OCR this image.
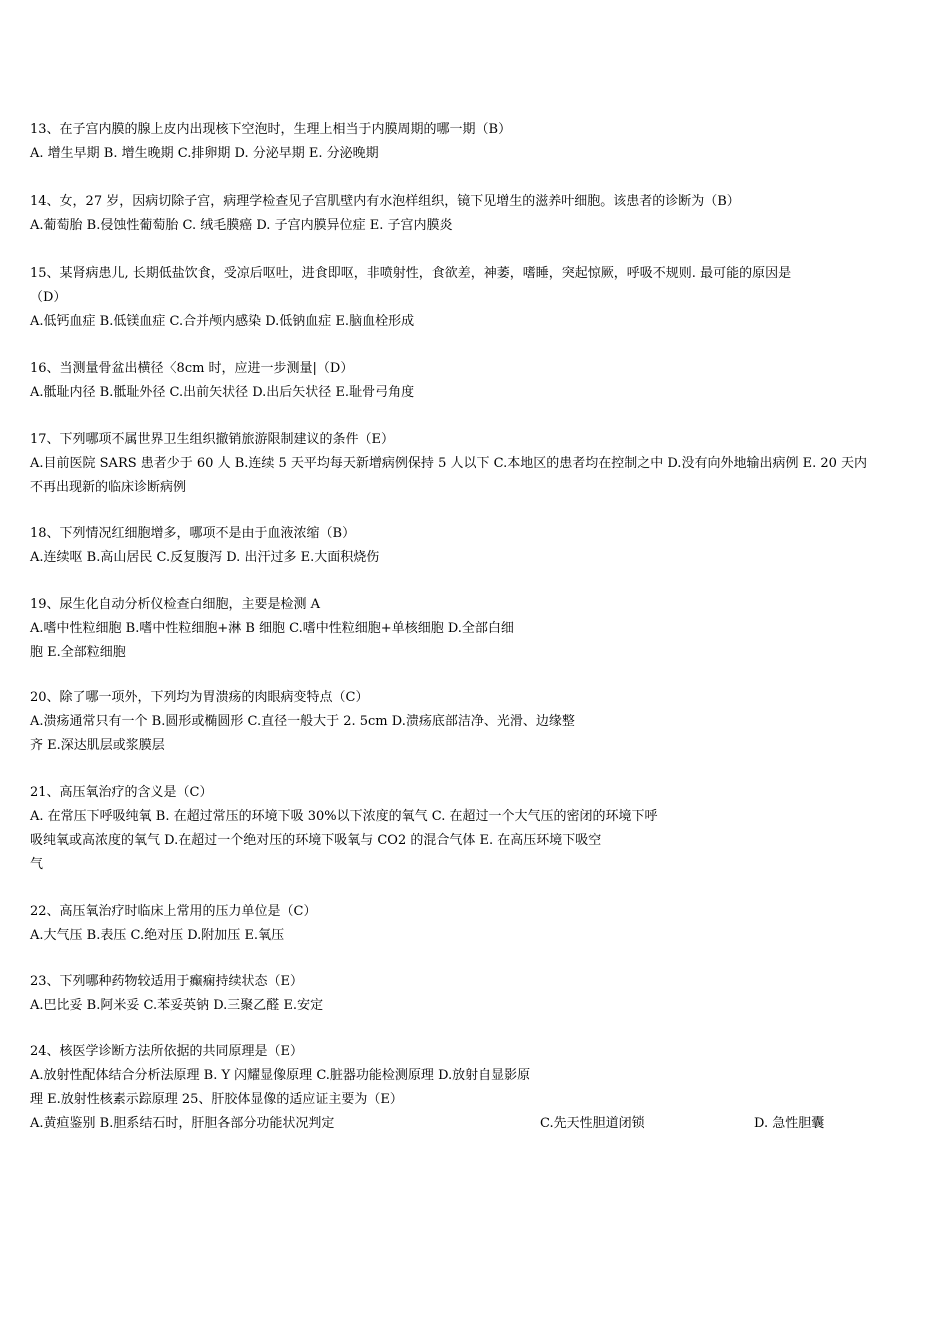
13、在子宫内膜的腺上皮内出现核下空泡时，生理上相当于内膜周期的哪一期（B）
A. 增生早期 B. 增生晚期 C.排卵期 D. 分泌早期 E. 分泌晚期
14、女，27 岁，因病切除子宫，病理学检查见子宫肌壁内有水泡样组织，镜下见增生的滋养叶细胞。该患者的诊断为（B）
A.葡萄胎 B.侵蚀性葡萄胎 C. 绒毛膜癌 D. 子宫内膜异位症 E. 子宫内膜炎
15、某肾病患儿, 长期低盐饮食，受凉后呕吐，进食即呕，非喷射性，食欲差，神萎，嗜睡，突起惊厥，呼吸不规则. 最可能的原因是
（D）
A.低钙血症 B.低镁血症 C.合并颅内感染 D.低钠血症 E.脑血栓形成
16、当测量骨盆出横径〈8cm 时，应进一步测量|（D）
A.骶耻内径 B.骶耻外径 C.出前矢状径 D.出后矢状径 E.耻骨弓角度
17、下列哪项不属世界卫生组织撤销旅游限制建议的条件（E）
A.目前医院 SARS 患者少于 60 人 B.连续 5 天平均每天新增病例保持 5 人以下 C.本地区的患者均在控制之中 D.没有向外地输出病例 E. 20 天内
不再出现新的临床诊断病例
18、下列情况红细胞增多，哪项不是由于血液浓缩（B）
A.连续呕 B.高山居民 C.反复腹泻 D. 出汗过多 E.大面积烧伤
19、尿生化自动分析仪检查白细胞，主要是检测 A
A.嗜中性粒细胞 B.嗜中性粒细胞+淋 B 细胞 C.嗜中性粒细胞+单核细胞 D.全部白细
胞 E.全部粒细胞
20、除了哪一项外，下列均为胃溃疡的肉眼病变特点（C）
A.溃疡通常只有一个 B.圆形或椭圆形 C.直径一般大于 2. 5cm D.溃疡底部洁净、光滑、边缘整
齐 E.深达肌层或浆膜层
21、高压氧治疗的含义是（C）
A. 在常压下呼吸纯氧 B. 在超过常压的环境下吸 30%以下浓度的氧气 C. 在超过一个大气压的密闭的环境下呼
吸纯氧或高浓度的氧气 D.在超过一个绝对压的环境下吸氧与 CO2 的混合气体 E. 在高压环境下吸空
气
22、高压氧治疗时临床上常用的压力单位是（C）
A.大气压 B.表压 C.绝对压 D.附加压 E.氧压
23、下列哪种药物较适用于癫痫持续状态（E）
A.巴比妥 B.阿米妥 C.苯妥英钠 D.三聚乙醛 E.安定
24、核医学诊断方法所依据的共同原理是（E）
A.放射性配体结合分析法原理 B. Y 闪耀显像原理 C.脏器功能检测原理 D.放射自显影原
理 E.放射性核素示踪原理 25、肝胶体显像的适应证主要为（E）
A.黄疸鉴别 B.胆系结石时，肝胆各部分功能状况判定	C.先天性胆道闭锁	D. 急性胆囊
